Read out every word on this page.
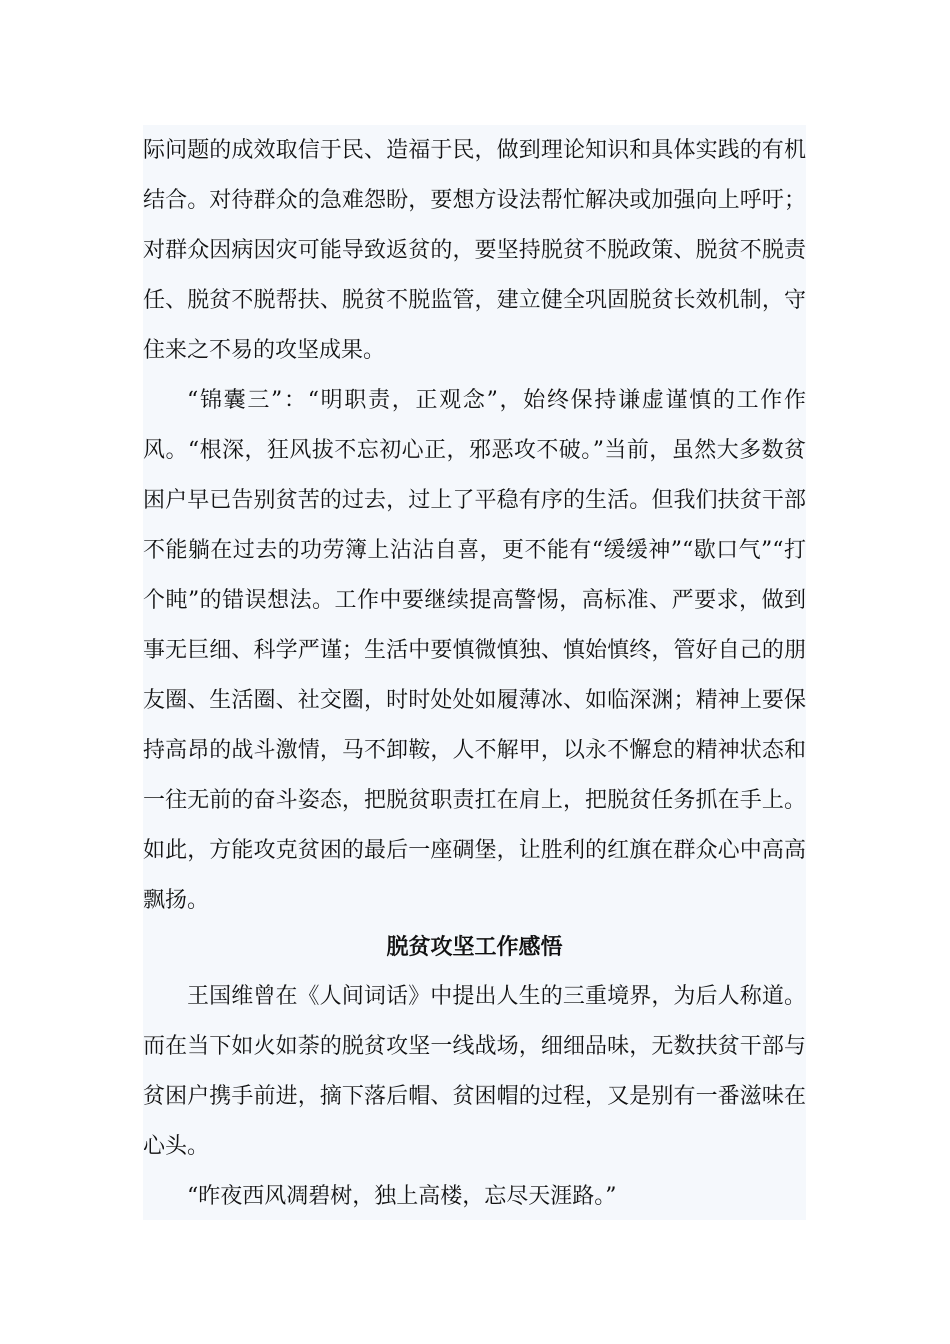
际问题的成效取信于民、造福于民，做到理论知识和具体实践的有机结合。对待群众的急难怨盼，要想方设法帮忙解决或加强向上呼吁；对群众因病因灾可能导致返贫的，要坚持脱贫不脱政策、脱贫不脱责任、脱贫不脱帮扶、脱贫不脱监管，建立健全巩固脱贫长效机制，守住来之不易的攻坚成果。

“锦囊三”：“明职责，正观念”，始终保持谦虚谨慎的工作作风。“根深，狂风拔不忘初心正，邪恶攻不破。”当前，虽然大多数贫困户早已告别贫苦的过去，过上了平稳有序的生活。但我们扶贫干部不能躺在过去的功劳簿上沾沾自喜，更不能有“缓缓神”“歇口气”“打个盹”的错误想法。工作中要继续提高警惕，高标准、严要求，做到事无巨细、科学严谨；生活中要慎微慎独、慎始慎终，管好自己的朋友圈、生活圈、社交圈，时时处处如履薄冰、如临深渊；精神上要保持高昂的战斗激情，马不卸鞍，人不解甲，以永不懈怠的精神状态和一往无前的奋斗姿态，把脱贫职责扛在肩上，把脱贫任务抓在手上。如此，方能攻克贫困的最后一座碉堡，让胜利的红旗在群众心中高高飘扬。

脱贫攻坚工作感悟

王国维曾在《人间词话》中提出人生的三重境界，为后人称道。而在当下如火如荼的脱贫攻坚一线战场，细细品味，无数扶贫干部与贫困户携手前进，摘下落后帽、贫困帽的过程，又是别有一番滋味在心头。

“昨夜西风凋碧树，独上高楼，忘尽天涯路。”
